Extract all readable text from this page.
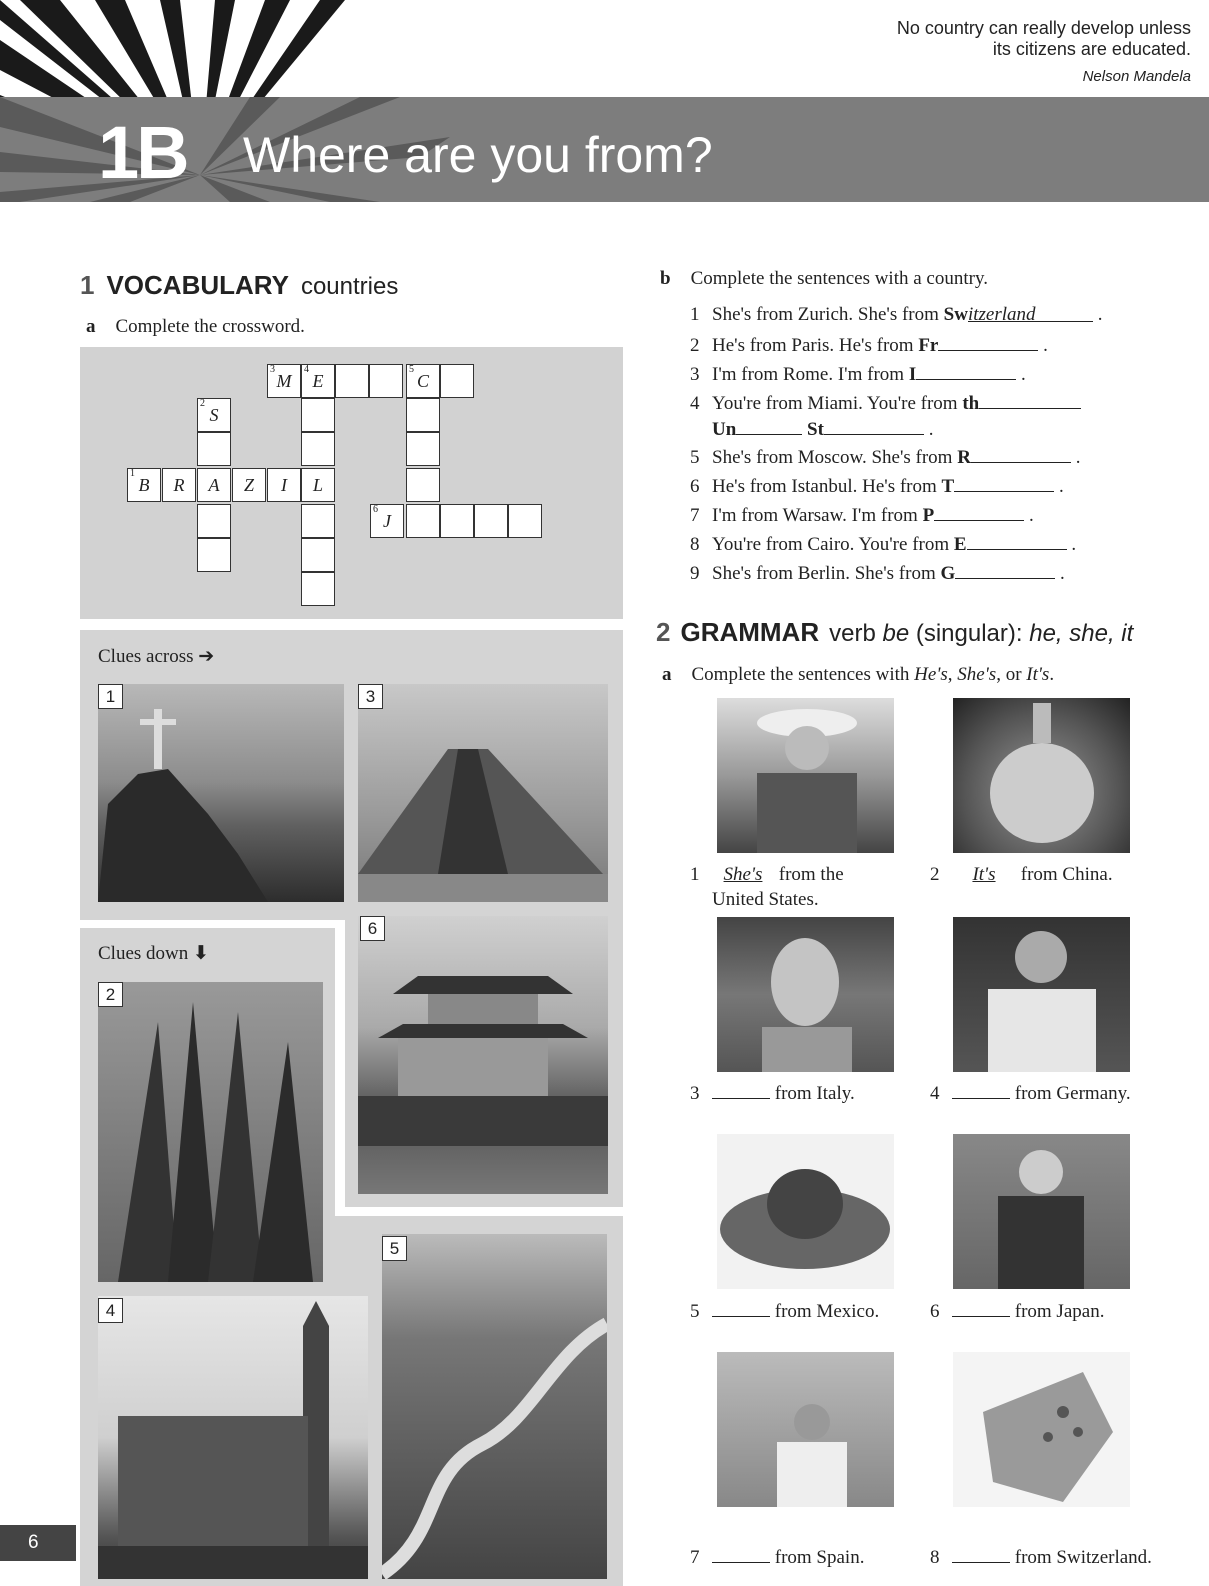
No country can really develop unless
its citizens are educated.
Nelson Mandela
1B Where are you from?
1 VOCABULARY countries
a Complete the crossword.
3
M
4
E
5
C
2
S
1
B	R	A	Z	I	L
6
J
Clues across ➔
Clues down ⬇
1	3
6
2
5
4
b Complete the sentences with a country.
1 She's from Zurich. She's from Switzerland	.
2 He's from Paris. He's from Fr	.
3 I'm from Rome. I'm from I	.
4 You're from Miami. You're from th
Un	St	.
5 She's from Moscow. She's from R	.
6 He's from Istanbul. He's from T	.
7 I'm from Warsaw. I'm from P	.
8 You're from Cairo. You're from E	.
9 She's from Berlin. She's from G	.
2 GRAMMAR verb be (singular): he, she, it
a Complete the sentences with He's, She's, or It's.
1 She's from the
United States.
2 It's from China.
3	from Italy.	4	from Germany.
5	from Mexico.	6	from Japan.
7	from Spain.	8	from Switzerland.
6
